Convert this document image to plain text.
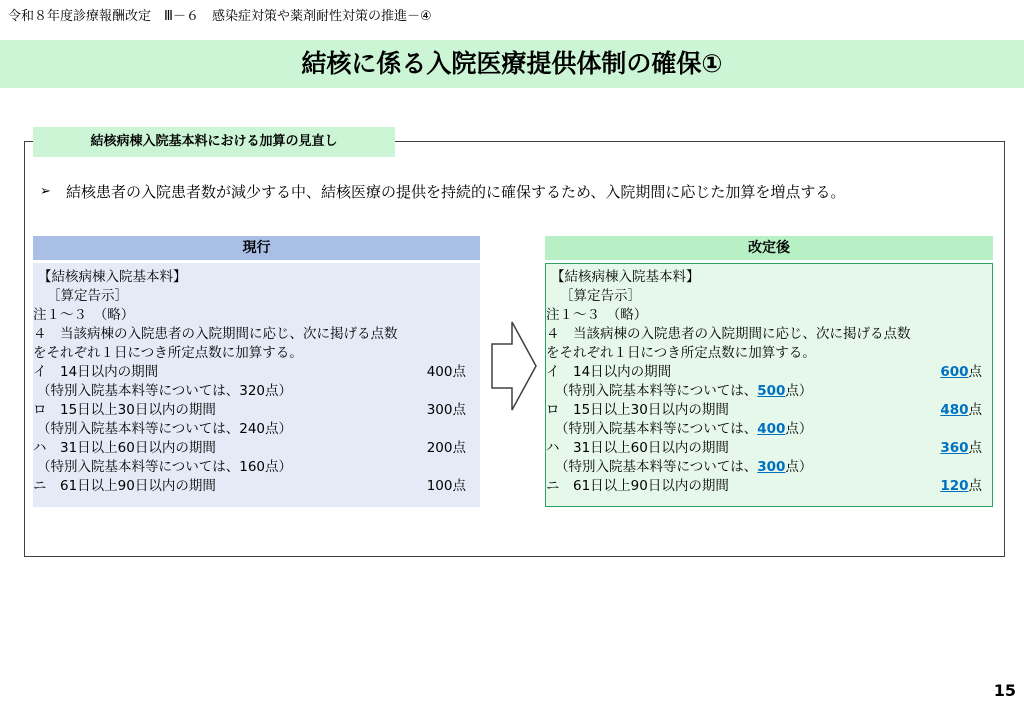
令和８年度診療報酬改定　Ⅲ－６　感染症対策や薬剤耐性対策の推進－④
結核に係る入院医療提供体制の確保①
結核病棟入院基本料における加算の見直し
➢ 結核患者の入院患者数が減少する中、結核医療の提供を持続的に確保するため、入院期間に応じた加算を増点する。
現行
【結核病棟入院基本料】
［算定告示］
注１～３　（略）
４　当該病棟の入院患者の入院期間に応じ、次に掲げる点数
をそれぞれ１日につき所定点数に加算する。
イ　14日以内の期間	400点
（特別入院基本料等については、320点）
ロ　15日以上30日以内の期間	300点
（特別入院基本料等については、240点）
ハ　31日以上60日以内の期間	200点
（特別入院基本料等については、160点）
ニ　61日以上90日以内の期間	100点
改定後
【結核病棟入院基本料】
［算定告示］
注１～３　（略）
４　当該病棟の入院患者の入院期間に応じ、次に掲げる点数
をそれぞれ１日につき所定点数に加算する。
イ　14日以内の期間	600点
（特別入院基本料等については、500点）
ロ　15日以上30日以内の期間	480点
（特別入院基本料等については、400点）
ハ　31日以上60日以内の期間	360点
（特別入院基本料等については、300点）
ニ　61日以上90日以内の期間	120点
15
